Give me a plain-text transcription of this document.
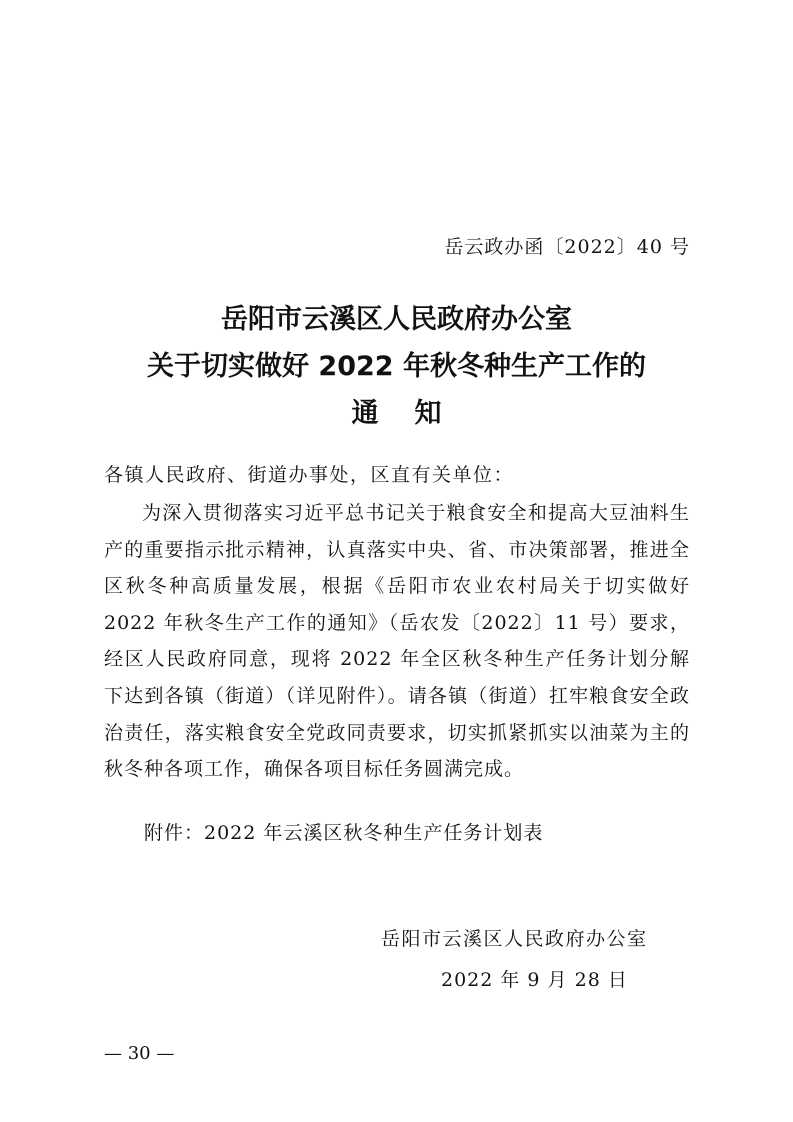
岳云政办函〔2022〕40 号
岳阳市云溪区人民政府办公室
关于切实做好 2022 年秋冬种生产工作的
通知
各镇人民政府、街道办事处，区直有关单位：
为深入贯彻落实习近平总书记关于粮食安全和提高大豆油料生产的重要指示批示精神，认真落实中央、省、市决策部署，推进全区秋冬种高质量发展，根据《岳阳市农业农村局关于切实做好 2022 年秋冬生产工作的通知》（岳农发〔2022〕11 号）要求，经区人民政府同意，现将 2022 年全区秋冬种生产任务计划分解下达到各镇（街道）（详见附件）。请各镇（街道）扛牢粮食安全政治责任，落实粮食安全党政同责要求，切实抓紧抓实以油菜为主的秋冬种各项工作，确保各项目标任务圆满完成。
附件：2022 年云溪区秋冬种生产任务计划表
岳阳市云溪区人民政府办公室
2022 年 9 月 28 日
— 30 —
